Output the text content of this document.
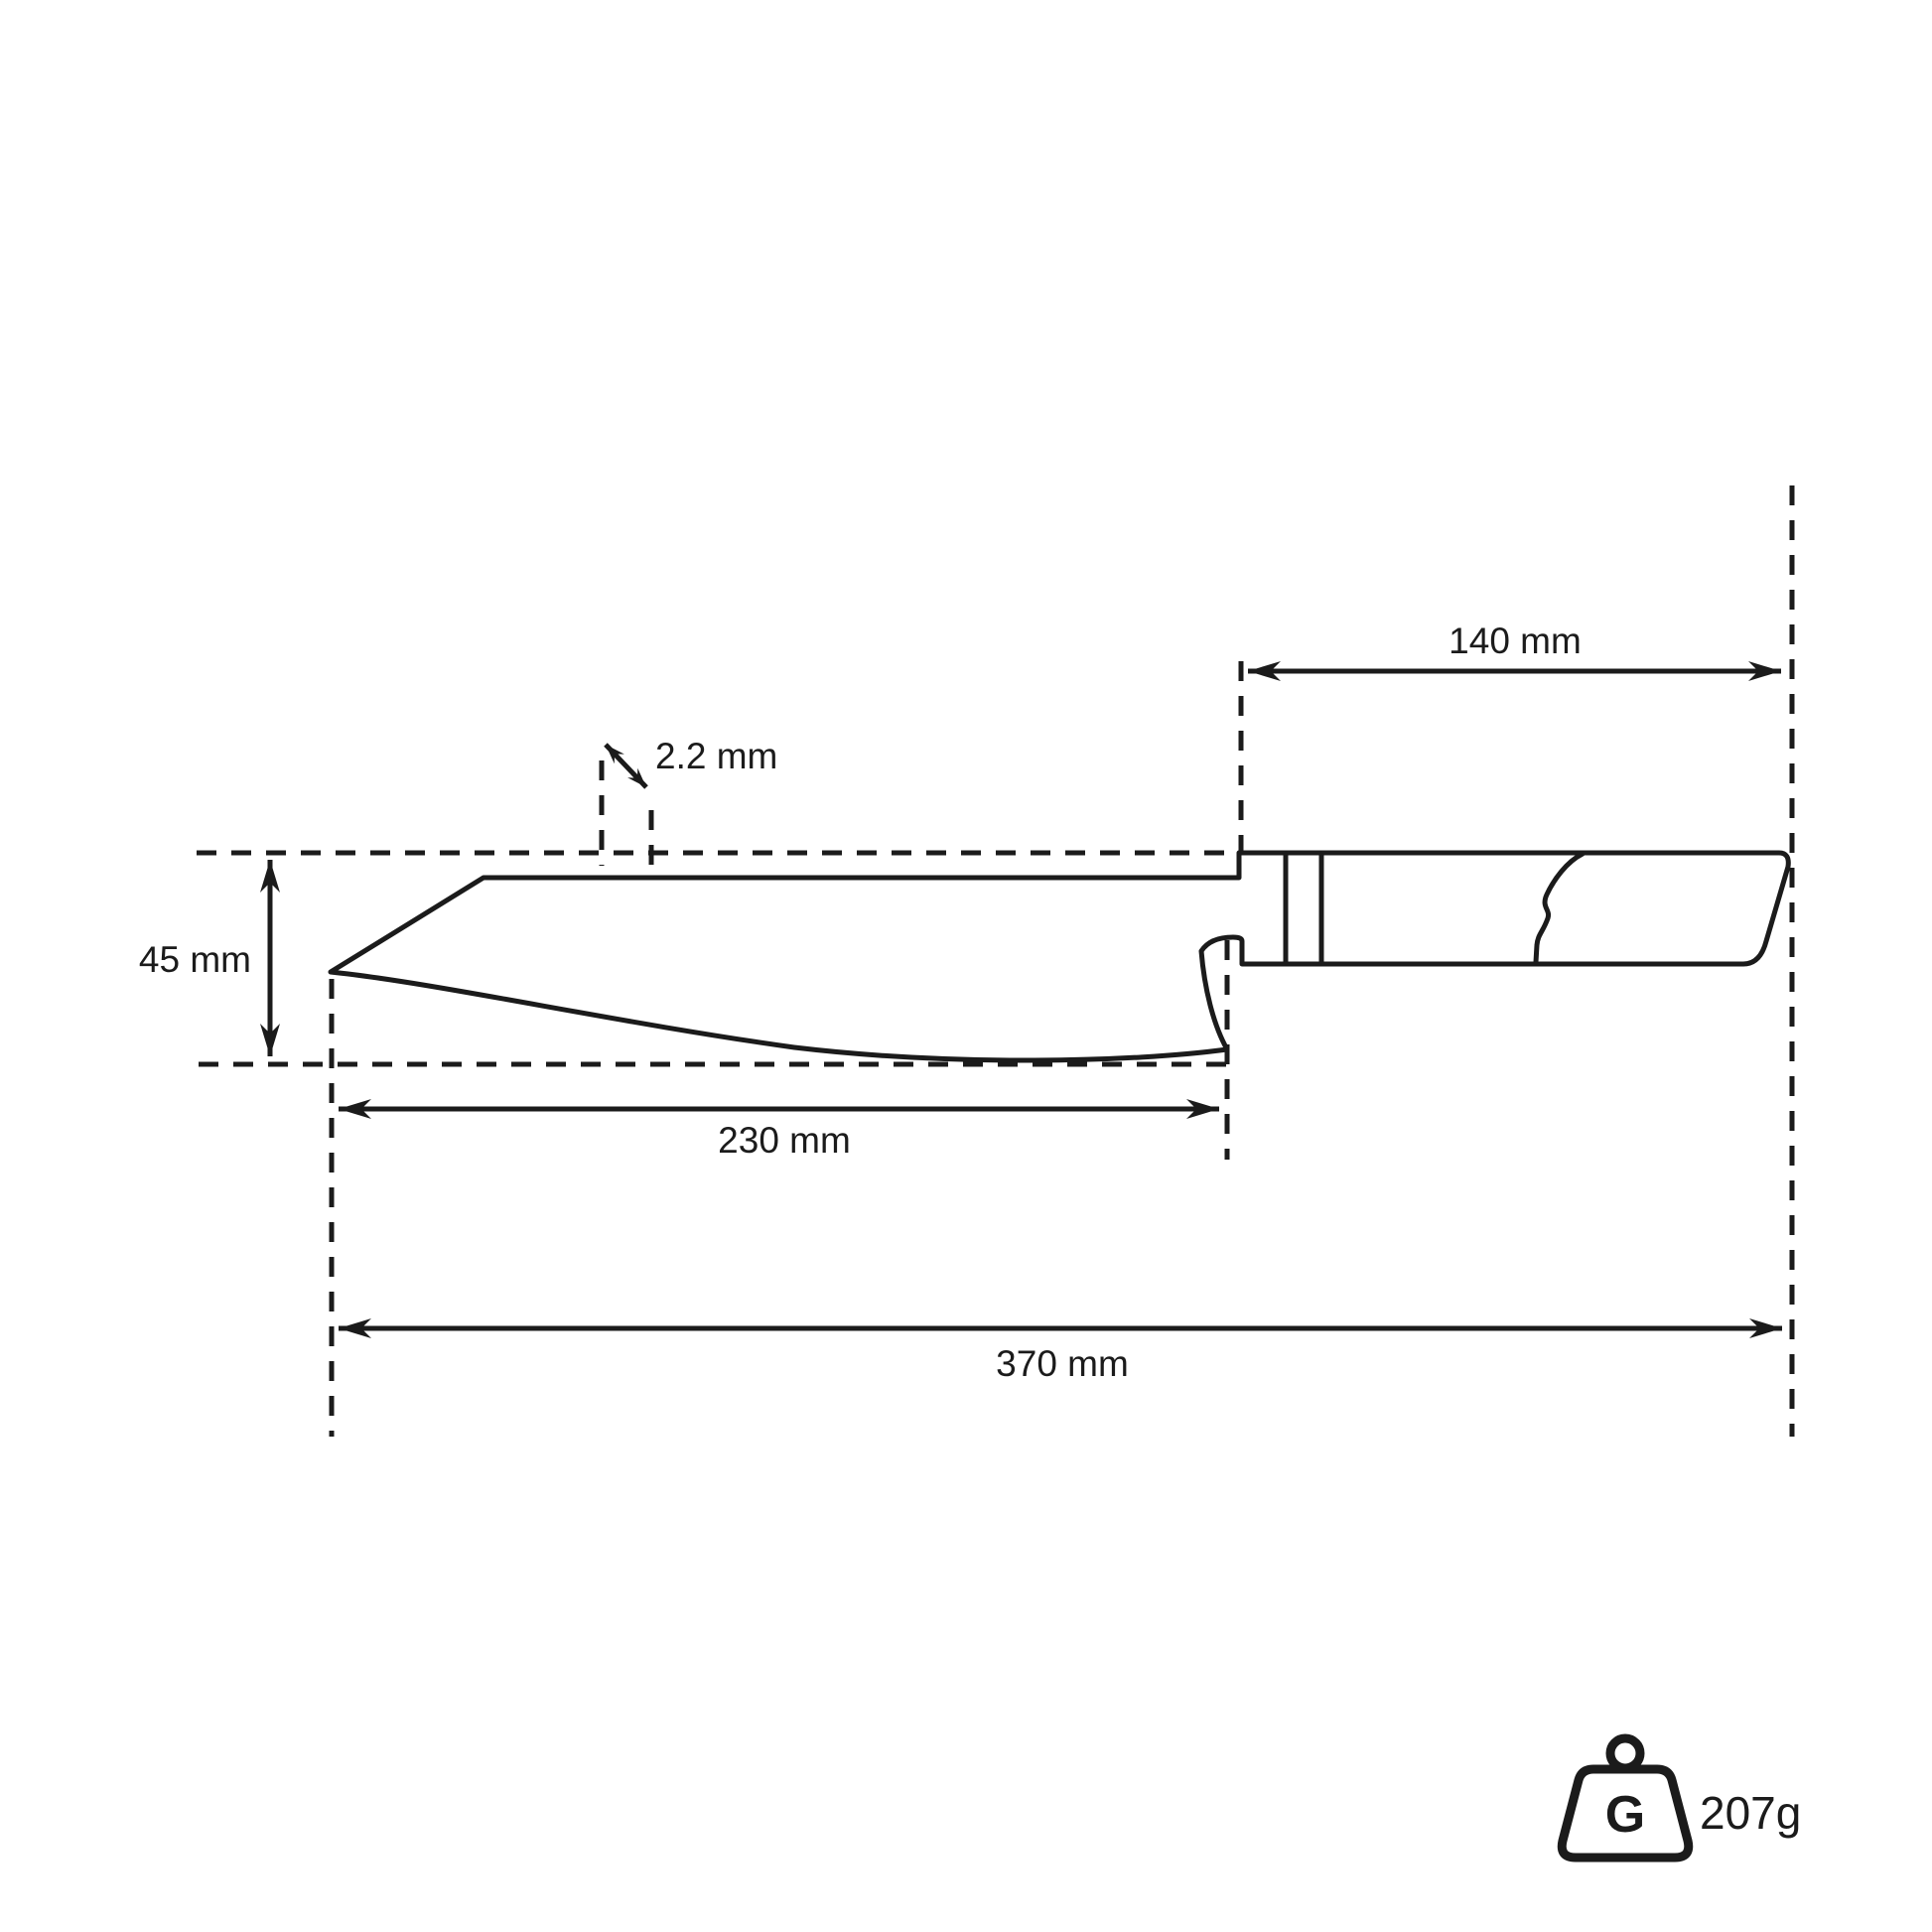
140 mm
2.2 mm
45 mm
230 mm
370 mm
G 207g
